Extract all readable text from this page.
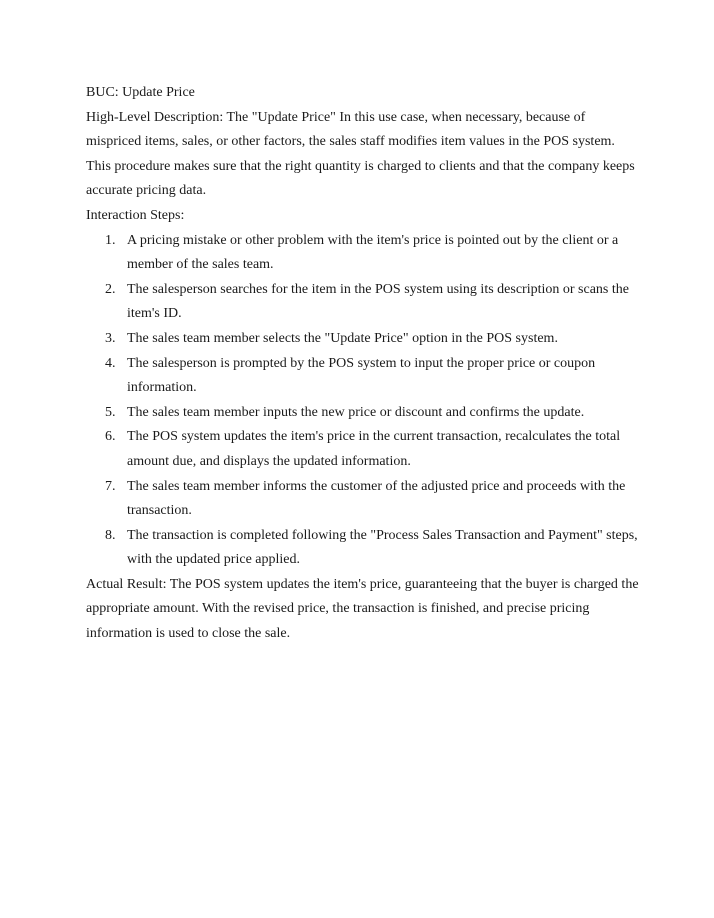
BUC: Update Price

High-Level Description: The "Update Price" In this use case, when necessary, because of mispriced items, sales, or other factors, the sales staff modifies item values in the POS system. This procedure makes sure that the right quantity is charged to clients and that the company keeps accurate pricing data.

Interaction Steps:

1. A pricing mistake or other problem with the item's price is pointed out by the client or a member of the sales team.
2. The salesperson searches for the item in the POS system using its description or scans the item's ID.
3. The sales team member selects the "Update Price" option in the POS system.
4. The salesperson is prompted by the POS system to input the proper price or coupon information.
5. The sales team member inputs the new price or discount and confirms the update.
6. The POS system updates the item's price in the current transaction, recalculates the total amount due, and displays the updated information.
7. The sales team member informs the customer of the adjusted price and proceeds with the transaction.
8. The transaction is completed following the "Process Sales Transaction and Payment" steps, with the updated price applied.

Actual Result: The POS system updates the item's price, guaranteeing that the buyer is charged the appropriate amount. With the revised price, the transaction is finished, and precise pricing information is used to close the sale.
